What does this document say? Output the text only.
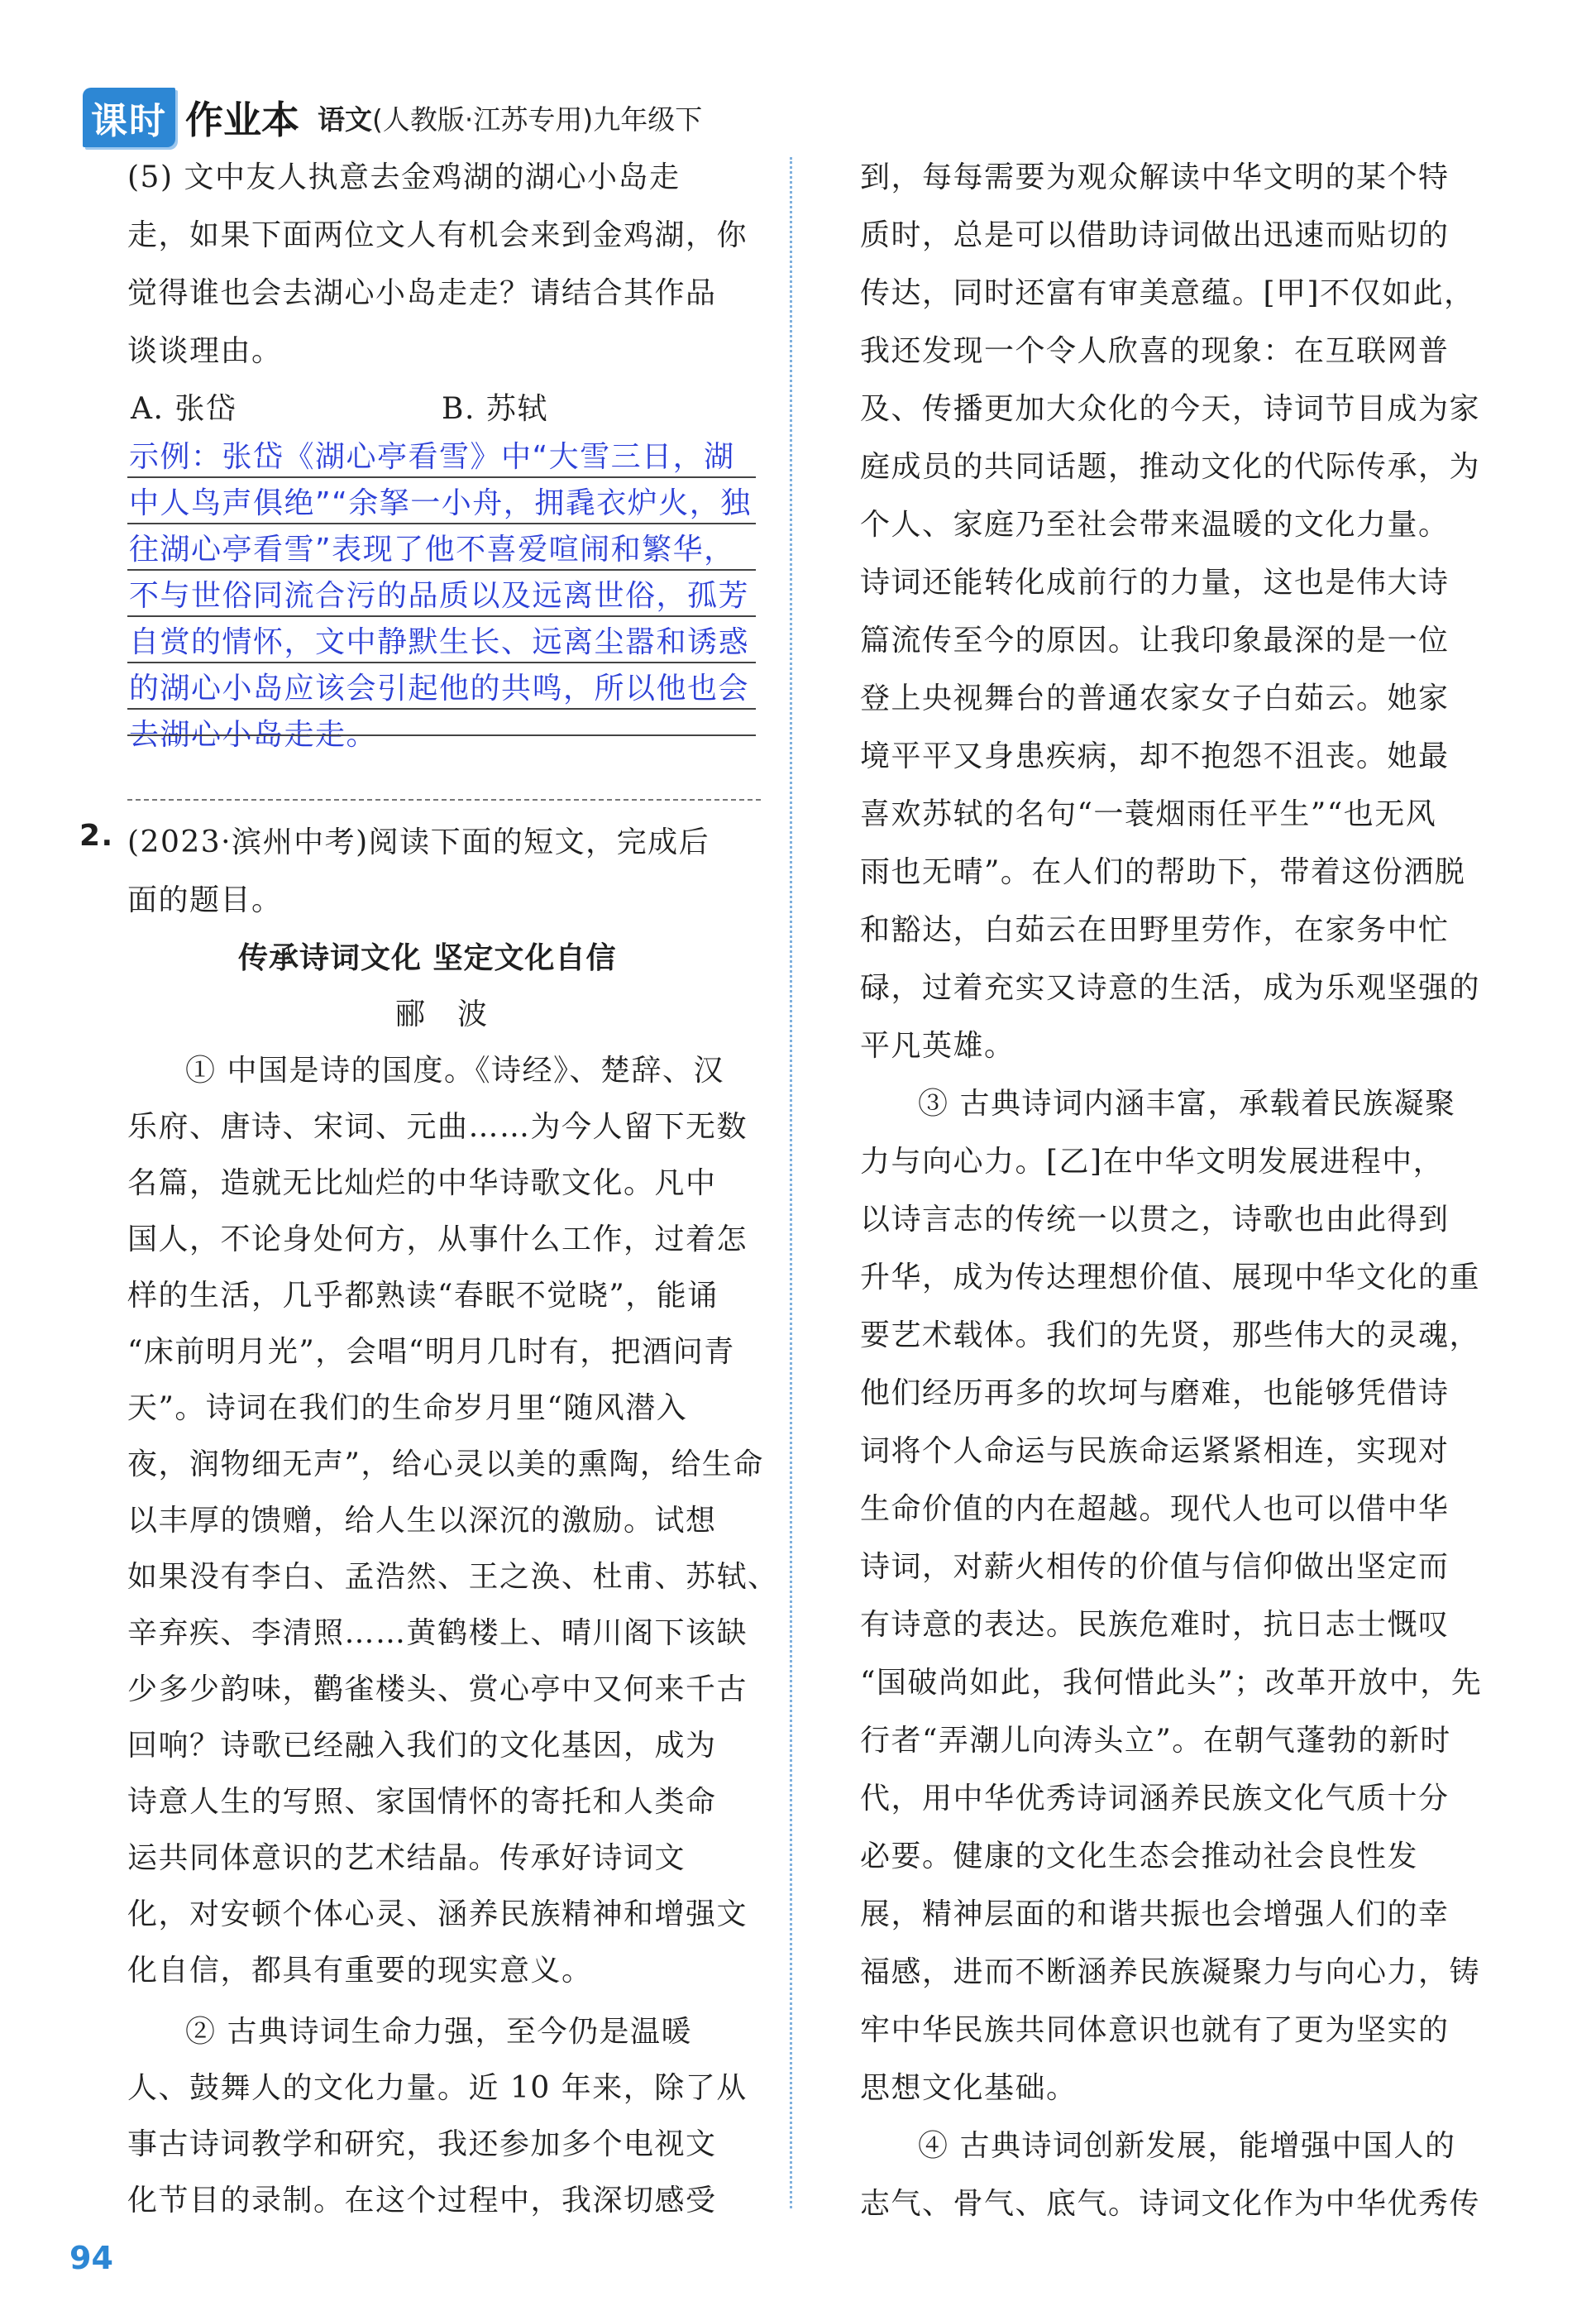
课时 作业本 语文(人教版·江苏专用)九年级下
(5) 文中友人执意去金鸡湖的湖心小岛走
走，如果下面两位文人有机会来到金鸡湖，你
觉得谁也会去湖心小岛走走？请结合其作品
谈谈理由。
A. 张岱	B. 苏轼
示例：张岱《湖心亭看雪》中“大雪三日，湖
中人鸟声俱绝”“余拏一小舟，拥毳衣炉火，独
往湖心亭看雪”表现了他不喜爱喧闹和繁华，
不与世俗同流合污的品质以及远离世俗，孤芳
自赏的情怀，文中静默生长、远离尘嚣和诱惑
的湖心小岛应该会引起他的共鸣，所以他也会
去湖心小岛走走。
2. (2023·滨州中考)阅读下面的短文，完成后
面的题目。
传承诗词文化 坚定文化自信
郦　波
① 中国是诗的国度。《诗经》、楚辞、汉
乐府、唐诗、宋词、元曲……为今人留下无数
名篇，造就无比灿烂的中华诗歌文化。凡中
国人，不论身处何方，从事什么工作，过着怎
样的生活，几乎都熟读“春眠不觉晓”，能诵
“床前明月光”，会唱“明月几时有，把酒问青
天”。诗词在我们的生命岁月里“随风潜入
夜，润物细无声”，给心灵以美的熏陶，给生命
以丰厚的馈赠，给人生以深沉的激励。试想
如果没有李白、孟浩然、王之涣、杜甫、苏轼、
辛弃疾、李清照……黄鹤楼上、晴川阁下该缺
少多少韵味，鹳雀楼头、赏心亭中又何来千古
回响？诗歌已经融入我们的文化基因，成为
诗意人生的写照、家国情怀的寄托和人类命
运共同体意识的艺术结晶。传承好诗词文
化，对安顿个体心灵、涵养民族精神和增强文
化自信，都具有重要的现实意义。
② 古典诗词生命力强，至今仍是温暖
人、鼓舞人的文化力量。近 10 年来，除了从
事古诗词教学和研究，我还参加多个电视文
化节目的录制。在这个过程中，我深切感受
到，每每需要为观众解读中华文明的某个特
质时，总是可以借助诗词做出迅速而贴切的
传达，同时还富有审美意蕴。[甲]不仅如此，
我还发现一个令人欣喜的现象：在互联网普
及、传播更加大众化的今天，诗词节目成为家
庭成员的共同话题，推动文化的代际传承，为
个人、家庭乃至社会带来温暖的文化力量。
诗词还能转化成前行的力量，这也是伟大诗
篇流传至今的原因。让我印象最深的是一位
登上央视舞台的普通农家女子白茹云。她家
境平平又身患疾病，却不抱怨不沮丧。她最
喜欢苏轼的名句“一蓑烟雨任平生”“也无风
雨也无晴”。在人们的帮助下，带着这份洒脱
和豁达，白茹云在田野里劳作，在家务中忙
碌，过着充实又诗意的生活，成为乐观坚强的
平凡英雄。
③ 古典诗词内涵丰富，承载着民族凝聚
力与向心力。[乙]在中华文明发展进程中，
以诗言志的传统一以贯之，诗歌也由此得到
升华，成为传达理想价值、展现中华文化的重
要艺术载体。我们的先贤，那些伟大的灵魂，
他们经历再多的坎坷与磨难，也能够凭借诗
词将个人命运与民族命运紧紧相连，实现对
生命价值的内在超越。现代人也可以借中华
诗词，对薪火相传的价值与信仰做出坚定而
有诗意的表达。民族危难时，抗日志士慨叹
“国破尚如此，我何惜此头”；改革开放中，先
行者“弄潮儿向涛头立”。在朝气蓬勃的新时
代，用中华优秀诗词涵养民族文化气质十分
必要。健康的文化生态会推动社会良性发
展，精神层面的和谐共振也会增强人们的幸
福感，进而不断涵养民族凝聚力与向心力，铸
牢中华民族共同体意识也就有了更为坚实的
思想文化基础。
④ 古典诗词创新发展，能增强中国人的
志气、骨气、底气。诗词文化作为中华优秀传
94
